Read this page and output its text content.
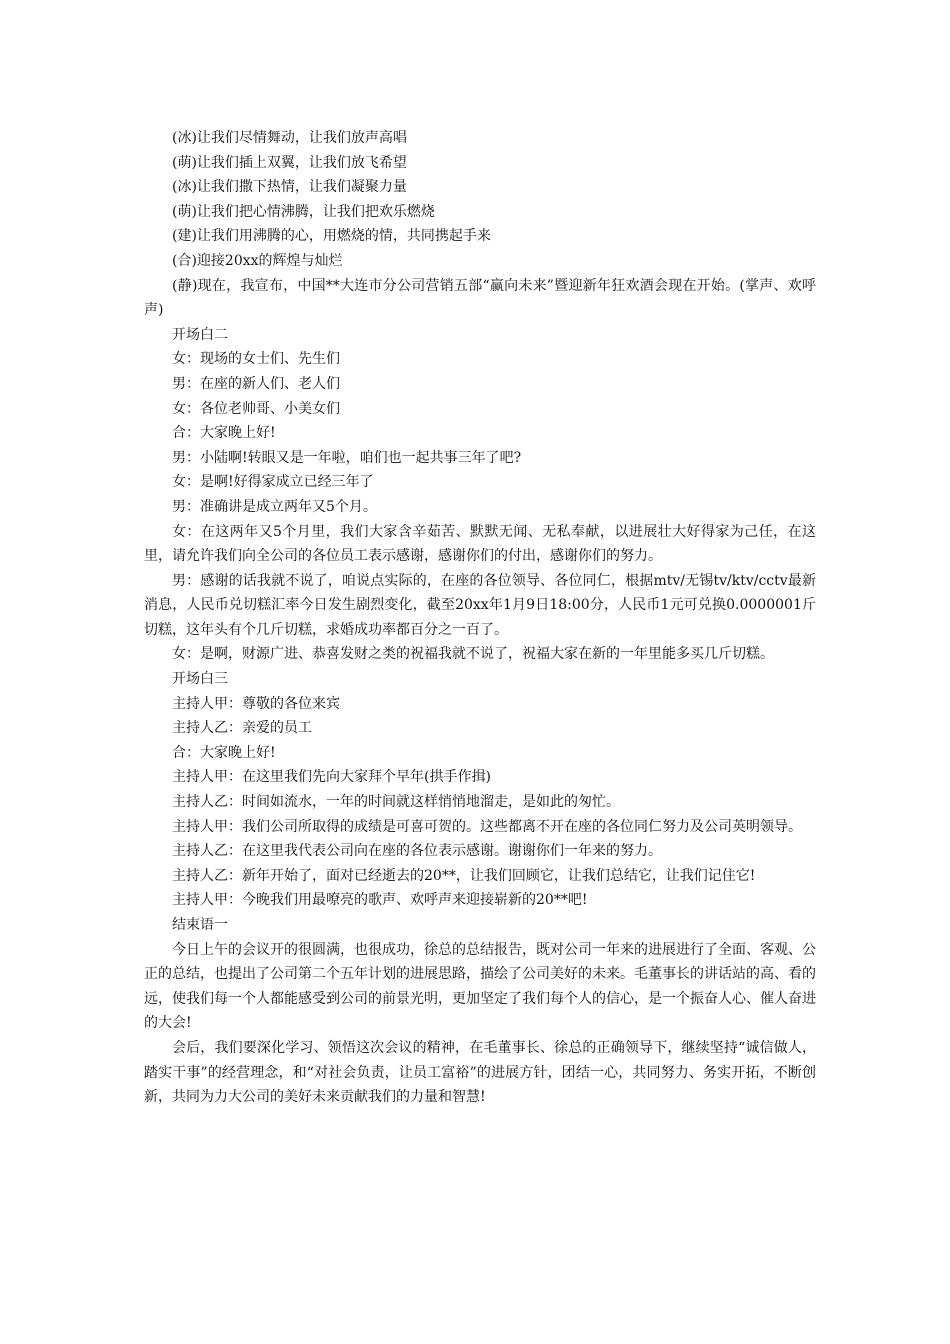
(冰)让我们尽情舞动，让我们放声高唱

(萌)让我们插上双翼，让我们放飞希望

(冰)让我们撒下热情，让我们凝聚力量

(萌)让我们把心情沸腾，让我们把欢乐燃烧

(建)让我们用沸腾的心，用燃烧的情，共同携起手来

(合)迎接20xx的辉煌与灿烂

(静)现在，我宣布，中国**大连市分公司营销五部“赢向未来”暨迎新年狂欢酒会现在开始。(掌声、欢呼声)

开场白二

女：现场的女士们、先生们

男：在座的新人们、老人们

女：各位老帅哥、小美女们

合：大家晚上好!

男：小陆啊!转眼又是一年啦，咱们也一起共事三年了吧?

女：是啊!好得家成立已经三年了

男：准确讲是成立两年又5个月。

女：在这两年又5个月里，我们大家含辛茹苦、默默无闻、无私奉献，以进展壮大好得家为己任，在这里，请允许我们向全公司的各位员工表示感谢，感谢你们的付出，感谢你们的努力。

男：感谢的话我就不说了，咱说点实际的，在座的各位领导、各位同仁，根据mtv/无锡tv/ktv/cctv最新消息，人民币兑切糕汇率今日发生剧烈变化，截至20xx年1月9日18:00分，人民币1元可兑换0.0000001斤切糕，这年头有个几斤切糕，求婚成功率都百分之一百了。

女：是啊，财源广进、恭喜发财之类的祝福我就不说了，祝福大家在新的一年里能多买几斤切糕。

开场白三

主持人甲：尊敬的各位来宾

主持人乙：亲爱的员工

合：大家晚上好!

主持人甲：在这里我们先向大家拜个早年(拱手作揖)

主持人乙：时间如流水，一年的时间就这样悄悄地溜走，是如此的匆忙。

主持人甲：我们公司所取得的成绩是可喜可贺的。这些都离不开在座的各位同仁努力及公司英明领导。

主持人乙：在这里我代表公司向在座的各位表示感谢。谢谢你们一年来的努力。

主持人乙：新年开始了，面对已经逝去的20**，让我们回顾它，让我们总结它，让我们记住它!

主持人甲：今晚我们用最嘹亮的歌声、欢呼声来迎接崭新的20**吧!

结束语一

今日上午的会议开的很圆满，也很成功，徐总的总结报告，既对公司一年来的进展进行了全面、客观、公正的总结，也提出了公司第二个五年计划的进展思路，描绘了公司美好的未来。毛董事长的讲话站的高、看的远，使我们每一个人都能感受到公司的前景光明，更加坚定了我们每个人的信心，是一个振奋人心、催人奋进的大会!

会后，我们要深化学习、领悟这次会议的精神，在毛董事长、徐总的正确领导下，继续坚持“诚信做人，踏实干事”的经营理念，和“对社会负责，让员工富裕”的进展方针，团结一心，共同努力、务实开拓，不断创新，共同为力大公司的美好未来贡献我们的力量和智慧!
